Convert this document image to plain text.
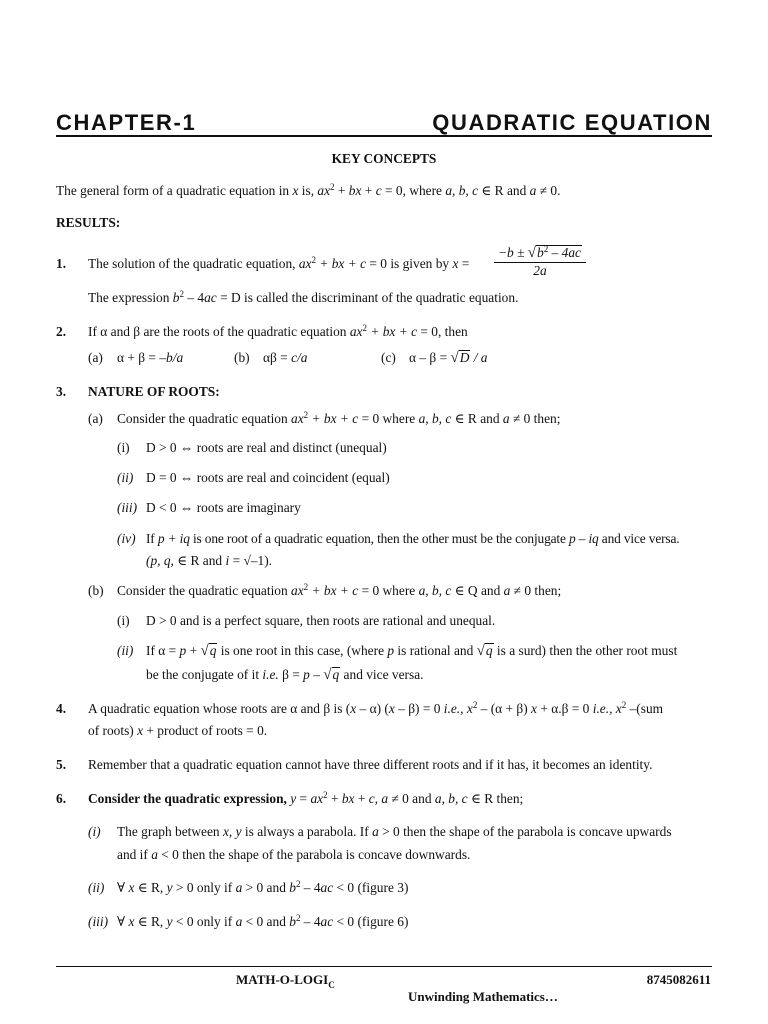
CHAPTER-1	QUADRATIC EQUATION
KEY CONCEPTS
The general form of a quadratic equation in x is, $ax^2$ + bx + c = 0, where a, b, c ∈ R and a ≠ 0.
RESULTS:
1. The solution of the quadratic equation, $ax^2$ + bx + c = 0 is given by $x = \frac{-b \pm √b^2 - 4ac}{2a}$
The expression $b^2 - 4ac = D$ is called the discriminant of the quadratic equation.
2. If α and β are the roots of the quadratic equation $ax^2$ + bx + c = 0, then
(a) α + β = –b/a	(b) αβ = c/a	(c) α – β = √D / a
3. NATURE OF ROOTS:
(a) Consider the quadratic equation $ax^2$ + bx + c = 0 where a, b, c ∈ R and a ≠ 0 then;
(i) D > 0 ⇔ roots are real and distinct (unequal)
(ii) D = 0 ⇔ roots are real and coincident (equal)
(iii) D < 0 ⇔ roots are imaginary
(iv) If p + iq is one root of a quadratic equation, then the other must be the conjugate p – iq and vice versa.
(p, q, ∈ R and i = √–1).
(b) Consider the quadratic equation $ax^2$ + bx + c = 0 where a, b, c ∈ Q and a ≠ 0 then;
(i) D > 0 and is a perfect square, then roots are rational and unequal.
(ii) If α = p + √q is one root in this case, (where p is rational and √q is a surd) then the other root must
be the conjugate of it i.e. β = p – √q and vice versa.
4. A quadratic equation whose roots are α and β is (x – α) (x – β) = 0 i.e., $x^2 - (\alpha + \beta) x + \alpha.\beta = 0$ i.e., $x^2$ –(sum
of roots) x + product of roots = 0.
5. Remember that a quadratic equation cannot have three different roots and if it has, it becomes an identity.
6. Consider the quadratic expression, $y = ax^2$ + bx + c, a ≠ 0 and a, b, c ∈ R then;
(i) The graph between x, y is always a parabola. If a > 0 then the shape of the parabola is concave upwards
and if a < 0 then the shape of the parabola is concave downwards.
(ii) ∀ x ∈ R, y > 0 only if a > 0 and $b^2 - 4ac < 0$ (figure 3)
(iii) ∀ x ∈ R, y < 0 only if a < 0 and $b^2 - 4ac < 0$ (figure 6)
MATH-$O-LOGI_C$	8745082611
Unwinding Mathematics…
